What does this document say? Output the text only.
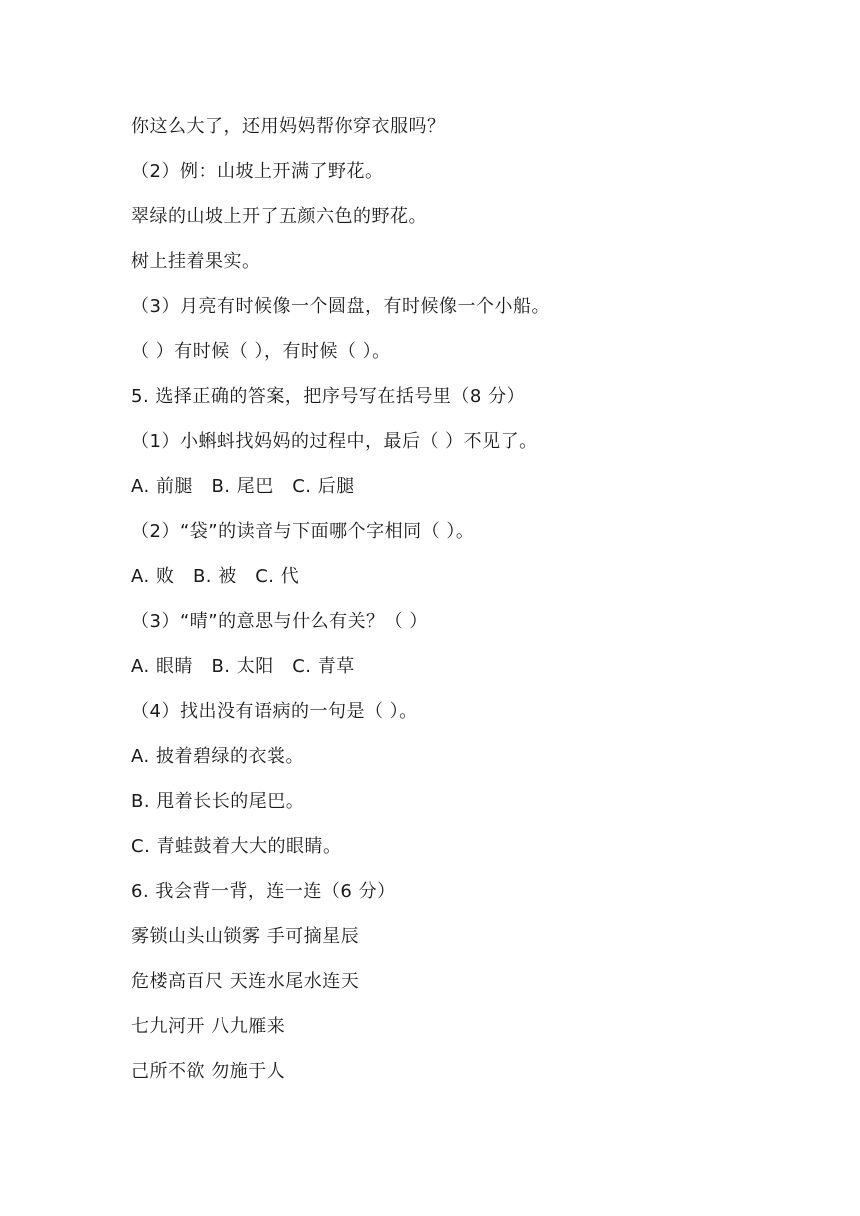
你这么大了，还用妈妈帮你穿衣服吗？
（2）例：山坡上开满了野花。
翠绿的山坡上开了五颜六色的野花。
树上挂着果实。
（3）月亮有时候像一个圆盘，有时候像一个小船。
（ ）有时候（ ），有时候（ ）。
5. 选择正确的答案，把序号写在括号里（8 分）
（1）小蝌蚪找妈妈的过程中，最后（ ）不见了。
A. 前腿　B. 尾巴　C. 后腿
（2）“袋”的读音与下面哪个字相同（ ）。
A. 败　B. 被　C. 代
（3）“晴”的意思与什么有关？（ ）
A. 眼睛　B. 太阳　C. 青草
（4）找出没有语病的一句是（ ）。
A. 披着碧绿的衣裳。
B. 甩着长长的尾巴。
C. 青蛙鼓着大大的眼睛。
6. 我会背一背，连一连（6 分）
雾锁山头山锁雾 手可摘星辰
危楼高百尺 天连水尾水连天
七九河开 八九雁来
己所不欲 勿施于人
